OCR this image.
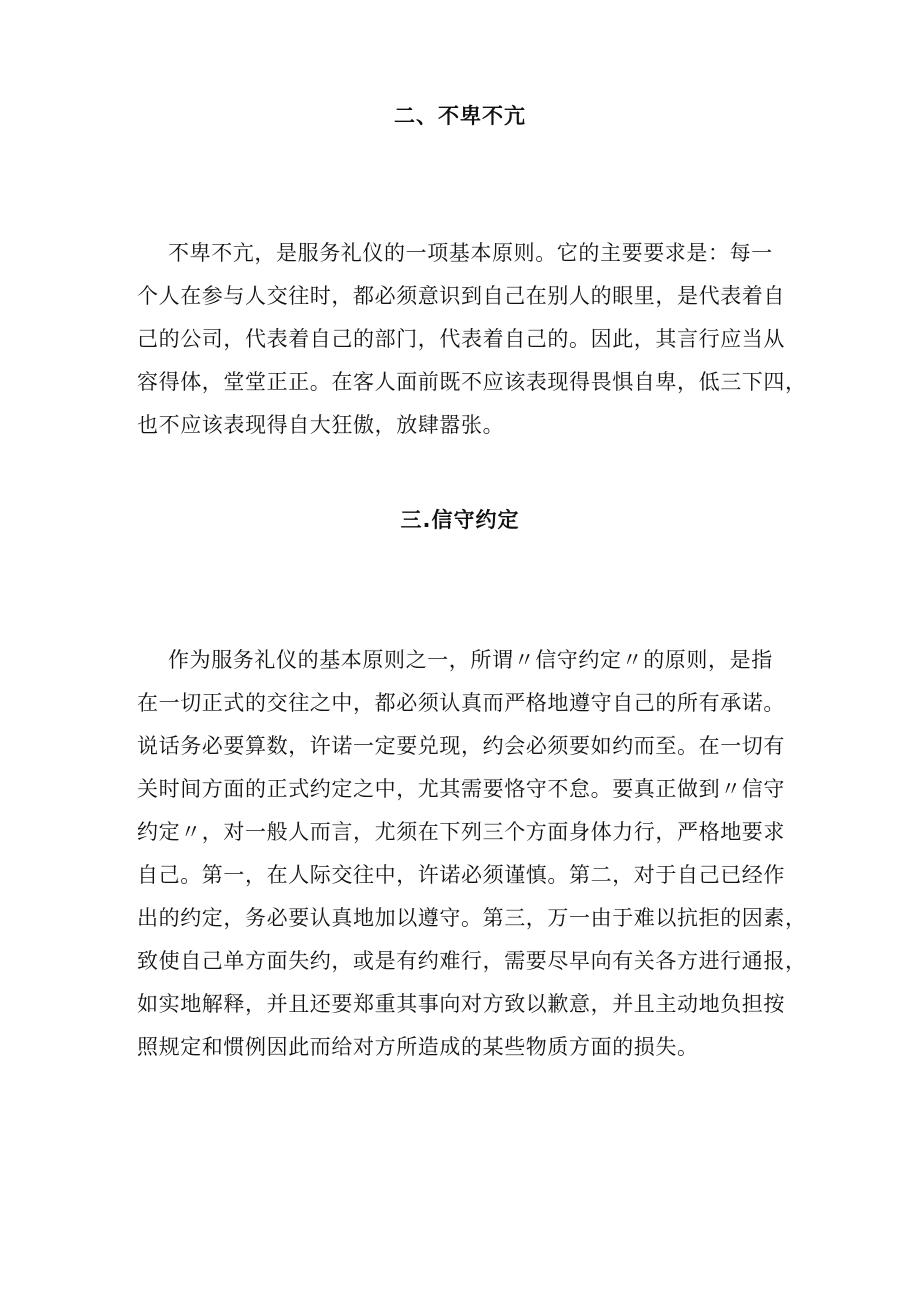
二、不卑不亢
不卑不亢，是服务礼仪的一项基本原则。它的主要要求是：每一
个人在参与人交往时，都必须意识到自己在别人的眼里，是代表着自
己的公司，代表着自己的部门，代表着自己的。因此，其言行应当从
容得体，堂堂正正。在客人面前既不应该表现得畏惧自卑，低三下四，
也不应该表现得自大狂傲，放肆嚣张。
三.信守约定
作为服务礼仪的基本原则之一，所谓〃信守约定〃的原则，是指
在一切正式的交往之中，都必须认真而严格地遵守自己的所有承诺。
说话务必要算数，许诺一定要兑现，约会必须要如约而至。在一切有
关时间方面的正式约定之中，尤其需要恪守不怠。要真正做到〃信守
约定〃，对一般人而言，尤须在下列三个方面身体力行，严格地要求
自己。第一，在人际交往中，许诺必须谨慎。第二，对于自己已经作
出的约定，务必要认真地加以遵守。第三，万一由于难以抗拒的因素，
致使自己单方面失约，或是有约难行，需要尽早向有关各方进行通报，
如实地解释，并且还要郑重其事向对方致以歉意，并且主动地负担按
照规定和惯例因此而给对方所造成的某些物质方面的损失。
